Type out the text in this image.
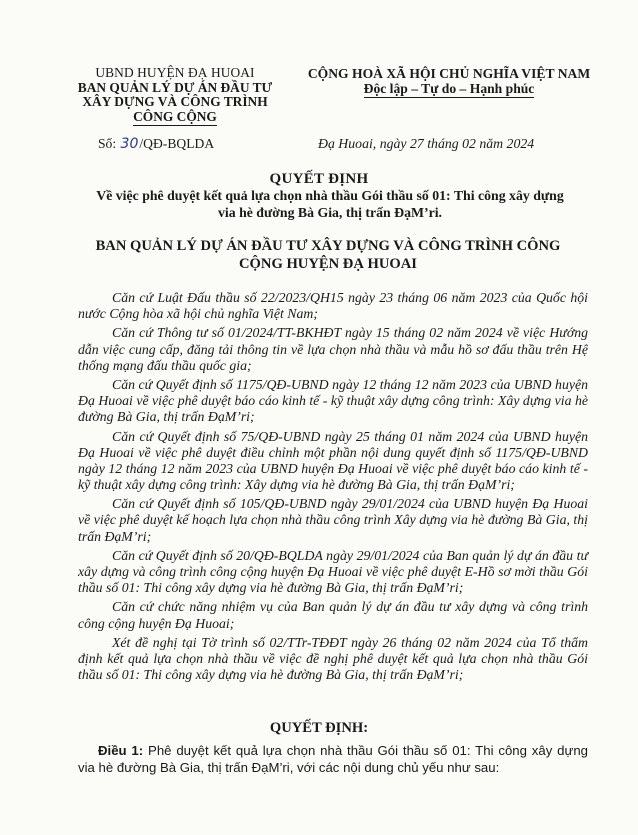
UBND HUYỆN ĐẠ HUOAI
BAN QUẢN LÝ DỰ ÁN ĐẦU TƯ
XÂY DỰNG VÀ CÔNG TRÌNH
CÔNG CỘNG
CỘNG HOÀ XÃ HỘI CHỦ NGHĨA VIỆT NAM
Độc lập – Tự do – Hạnh phúc
Số: 30/QĐ-BQLDA	Đạ Huoai, ngày 27 tháng 02 năm 2024
QUYẾT ĐỊNH
Về việc phê duyệt kết quả lựa chọn nhà thầu Gói thầu số 01: Thi công xây dựng
via hè đường Bà Gia, thị trấn ĐạM’ri.
BAN QUẢN LÝ DỰ ÁN ĐẦU TƯ XÂY DỰNG VÀ CÔNG TRÌNH CÔNG
CỘNG HUYỆN ĐẠ HUOAI

Căn cứ Luật Đấu thầu số 22/2023/QH15 ngày 23 tháng 06 năm 2023 của Quốc hội nước Cộng hòa xã hội chủ nghĩa Việt Nam;

Căn cứ Thông tư số 01/2024/TT-BKHĐT ngày 15 tháng 02 năm 2024 về việc Hướng dẫn việc cung cấp, đăng tải thông tin về lựa chọn nhà thầu và mẫu hồ sơ đấu thầu trên Hệ thống mạng đấu thầu quốc gia;

Căn cứ Quyết định số 1175/QĐ-UBND ngày 12 tháng 12 năm 2023 của UBND huyện Đạ Huoai về việc phê duyệt báo cáo kinh tế - kỹ thuật xây dựng công trình: Xây dựng via hè đường Bà Gia, thị trấn ĐạM’ri;

Căn cứ Quyết định số 75/QĐ-UBND ngày 25 tháng 01 năm 2024 của UBND huyện Đạ Huoai về việc phê duyệt điều chỉnh một phần nội dung quyết định số 1175/QĐ-UBND ngày 12 tháng 12 năm 2023 của UBND huyện Đạ Huoai về việc phê duyệt báo cáo kinh tế - kỹ thuật xây dựng công trình: Xây dựng via hè đường Bà Gia, thị trấn ĐạM’ri;

Căn cứ Quyết định số 105/QĐ-UBND ngày 29/01/2024 của UBND huyện Đạ Huoai về việc phê duyệt kế hoạch lựa chọn nhà thầu công trình Xây dựng via hè đường Bà Gia, thị trấn ĐạM’ri;

Căn cứ Quyết định số 20/QĐ-BQLDA ngày 29/01/2024 của Ban quản lý dự án đầu tư xây dựng và công trình công cộng huyện Đạ Huoai về việc phê duyệt E-Hồ sơ mời thầu Gói thầu số 01: Thi công xây dựng via hè đường Bà Gia, thị trấn ĐạM’ri;

Căn cứ chức năng nhiệm vụ của Ban quản lý dự án đầu tư xây dựng và công trình công cộng huyện Đạ Huoai;

Xét đề nghị tại Tờ trình số 02/TTr-TĐĐT ngày 26 tháng 02 năm 2024 của Tổ thẩm định kết quả lựa chọn nhà thầu về việc đề nghị phê duyệt kết quả lựa chọn nhà thầu Gói thầu số 01: Thi công xây dựng via hè đường Bà Gia, thị trấn ĐạM’ri;

QUYẾT ĐỊNH:

Điều 1: Phê duyệt kết quả lựa chọn nhà thầu Gói thầu số 01: Thi công xây dựng via hè đường Bà Gia, thị trấn ĐạM’ri, với các nội dung chủ yếu như sau:
